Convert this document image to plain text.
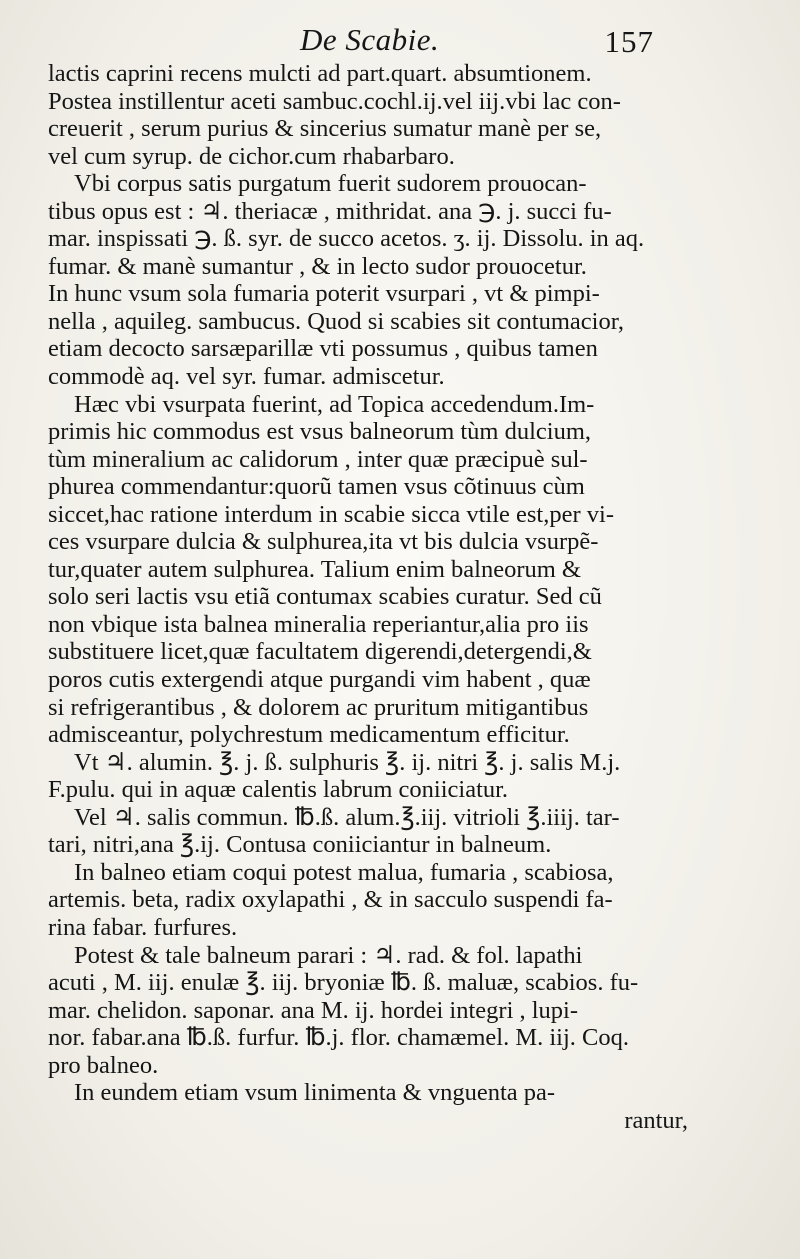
De Scabie.	157
lactis caprini recens mulcti ad part.quart. absumtionem.
Postea instillentur aceti sambuc.cochl.ij.vel iij.vbi lac con-
creuerit , serum purius & sincerius sumatur manè per se,
vel cum syrup. de cichor.cum rhabarbaro.
Vbi corpus satis purgatum fuerit sudorem prouocan-
tibus opus est : ♃. theriacæ , mithridat. ana ℈. j. succi fu-
mar. inspissati ℈. ß. syr. de succo acetos. ʒ. ij. Dissolu. in aq.
fumar. & manè sumantur , & in lecto sudor prouocetur.
In hunc vsum sola fumaria poterit vsurpari , vt & pimpi-
nella , aquileg. sambucus. Quod si scabies sit contumacior,
etiam decocto sarsæparillæ vti possumus , quibus tamen
commodè aq. vel syr. fumar. admiscetur.
Hæc vbi vsurpata fuerint, ad Topica accedendum.Im-
primis hic commodus est vsus balneorum tùm dulcium,
tùm mineralium ac calidorum , inter quæ præcipuè sul-
phurea commendantur:quorũ tamen vsus cõtinuus cùm
siccet,hac ratione interdum in scabie sicca vtile est,per vi-
ces vsurpare dulcia & sulphurea,ita vt bis dulcia vsurpẽ-
tur,quater autem sulphurea. Talium enim balneorum &
solo seri lactis vsu etiã contumax scabies curatur. Sed cũ
non vbique ista balnea mineralia reperiantur,alia pro iis
substituere licet,quæ facultatem digerendi,detergendi,&
poros cutis extergendi atque purgandi vim habent , quæ
si refrigerantibus , & dolorem ac pruritum mitigantibus
admisceantur, polychrestum medicamentum efficitur.
Vt ♃. alumin. ℥. j. ß. sulphuris ℥. ij. nitri ℥. j. salis M.j.
F.pulu. qui in aquæ calentis labrum coniiciatur.
Vel ♃. salis commun. ℔.ß. alum.℥.iij. vitrioli ℥.iiij. tar-
tari, nitri,ana ℥.ij. Contusa coniiciantur in balneum.
In balneo etiam coqui potest malua, fumaria , scabiosa,
artemis. beta, radix oxylapathi , & in sacculo suspendi fa-
rina fabar. furfures.
Potest & tale balneum parari : ♃. rad. & fol. lapathi
acuti , M. iij. enulæ ℥. iij. bryoniæ ℔. ß. maluæ, scabios. fu-
mar. chelidon. saponar. ana M. ij. hordei integri , lupi-
nor. fabar.ana ℔.ß. furfur. ℔.j. flor. chamæmel. M. iij. Coq.
pro balneo.
In eundem etiam vsum linimenta & vnguenta pa-
rantur,
